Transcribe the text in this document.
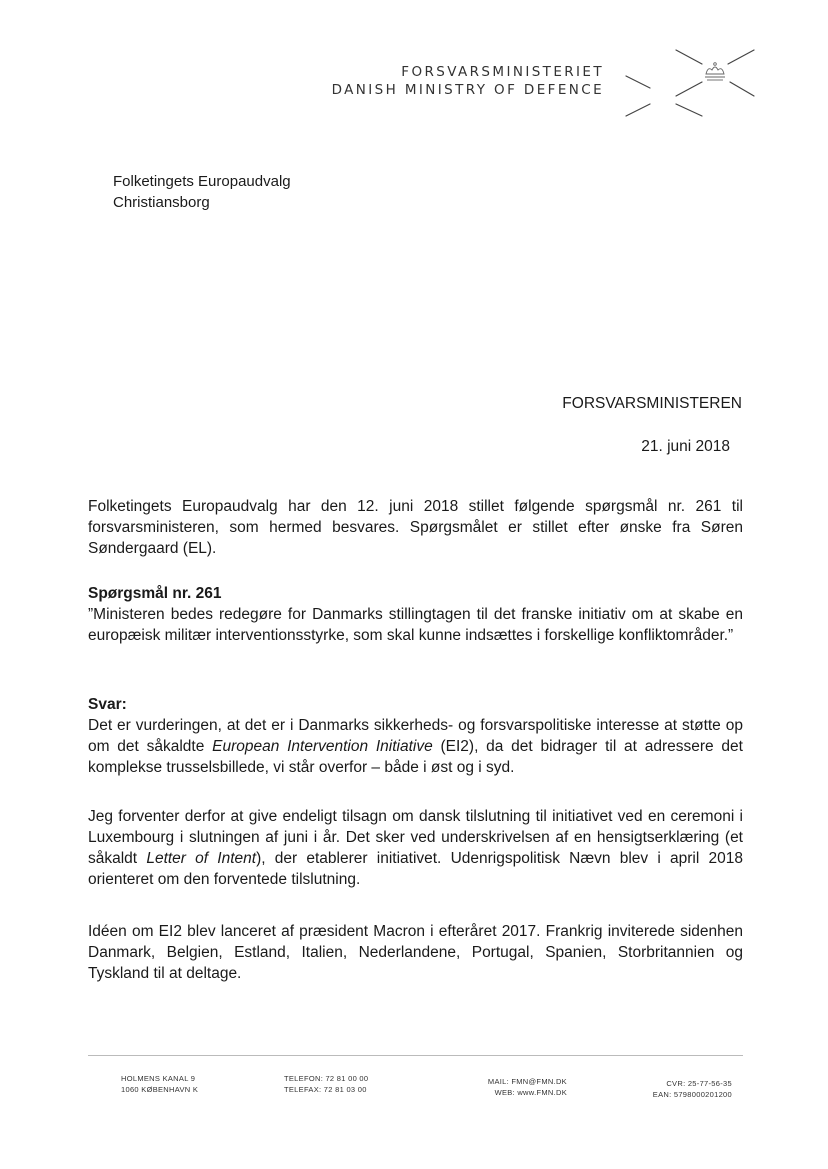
FORSVARSMINISTERIET
DANISH MINISTRY OF DEFENCE
Folketingets Europaudvalg
Christiansborg
FORSVARSMINISTEREN
21. juni 2018
Folketingets Europaudvalg har den 12. juni 2018 stillet følgende spørgsmål nr. 261 til forsvarsministeren, som hermed besvares. Spørgsmålet er stillet efter ønske fra Søren Søndergaard (EL).
Spørgsmål nr. 261
”Ministeren bedes redegøre for Danmarks stillingtagen til det franske initiativ om at skabe en europæisk militær interventionsstyrke, som skal kunne indsættes i forskellige konfliktområder.”
Svar:
Det er vurderingen, at det er i Danmarks sikkerheds- og forsvarspolitiske interesse at støtte op om det såkaldte European Intervention Initiative (EI2), da det bidrager til at adressere det komplekse trusselsbillede, vi står overfor – både i øst og i syd.
Jeg forventer derfor at give endeligt tilsagn om dansk tilslutning til initiativet ved en ceremoni i Luxembourg i slutningen af juni i år. Det sker ved underskrivelsen af en hensigtserklæring (et såkaldt Letter of Intent), der etablerer initiativet. Udenrigspolitisk Nævn blev i april 2018 orienteret om den forventede tilslutning.
Idéen om EI2 blev lanceret af præsident Macron i efteråret 2017. Frankrig inviterede sidenhen Danmark, Belgien, Estland, Italien, Nederlandene, Portugal, Spanien, Storbritannien og Tyskland til at deltage.
HOLMENS KANAL 9
1060 KØBENHAVN K
TELEFON: 72 81 00 00
TELEFAX: 72 81 03 00
MAIL: FMN@FMN.DK
WEB: www.FMN.DK
CVR: 25-77-56-35
EAN: 5798000201200
